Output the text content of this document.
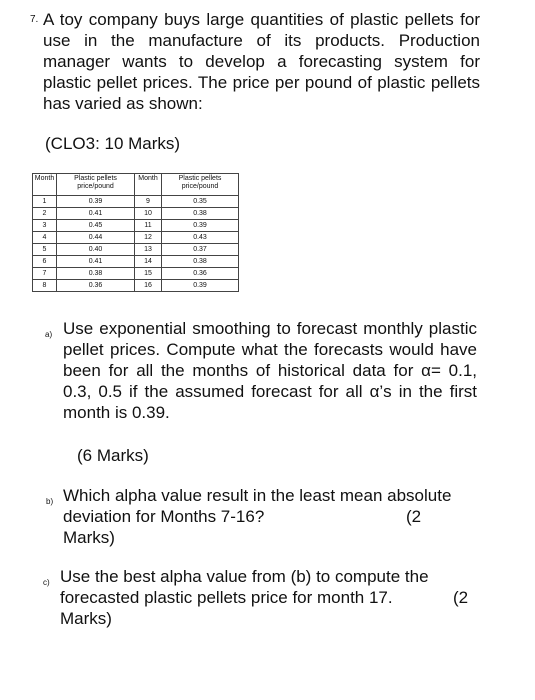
7. A toy company buys large quantities of plastic pellets for use in the manufacture of its products. Production manager wants to develop a forecasting system for plastic pellet prices. The price per pound of plastic pellets has varied as shown:
(CLO3: 10 Marks)
Month	Plastic pellets price/pound	Month	Plastic pellets price/pound
1	0.39	9	0.35
2	0.41	10	0.38
3	0.45	11	0.39
4	0.44	12	0.43
5	0.40	13	0.37
6	0.41	14	0.38
7	0.38	15	0.36
8	0.36	16	0.39
a) Use exponential smoothing to forecast monthly plastic pellet prices. Compute what the forecasts would have been for all the months of historical data for α= 0.1, 0.3, 0.5 if the assumed forecast for all α’s in the first month is 0.39.
(6 Marks)
b) Which alpha value result in the least mean absolute
deviation for Months 7-16?	(2
Marks)
c) Use the best alpha value from (b) to compute the
forecasted plastic pellets price for month 17.	(2
Marks)
